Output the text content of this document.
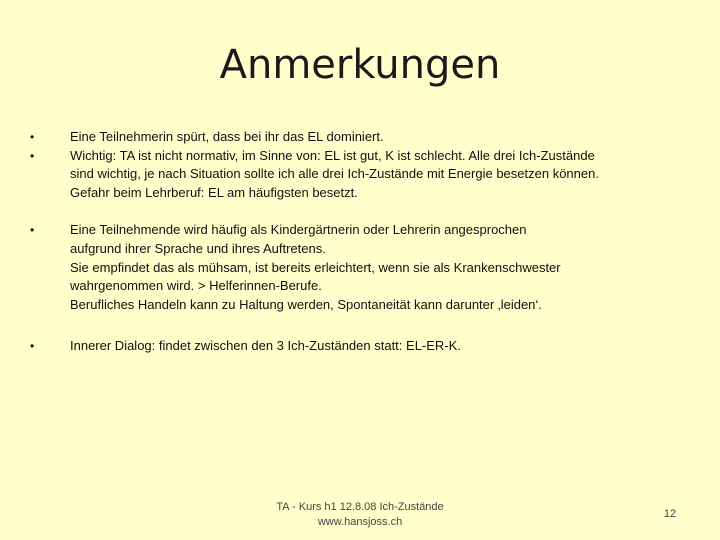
Anmerkungen
•	Eine Teilnehmerin spürt, dass bei ihr das EL dominiert.
•	Wichtig: TA ist nicht normativ, im Sinne von: EL ist gut, K ist schlecht. Alle drei Ich-Zustände
sind wichtig, je nach Situation sollte ich alle drei Ich-Zustände mit Energie besetzen können.
Gefahr beim Lehrberuf: EL am häufigsten besetzt.
•	Eine Teilnehmende wird häufig als Kindergärtnerin oder Lehrerin angesprochen
aufgrund ihrer Sprache und ihres Auftretens.
Sie empfindet das als mühsam, ist bereits erleichtert, wenn sie als Krankenschwester
wahrgenommen wird. > Helferinnen-Berufe.
Berufliches Handeln kann zu Haltung werden, Spontaneität kann darunter ‚leiden‘.
•	Innerer Dialog: findet zwischen den 3 Ich-Zuständen statt: EL-ER-K.
TA - Kurs h1 12.8.08 Ich-Zustände
www.hansjoss.ch
12
